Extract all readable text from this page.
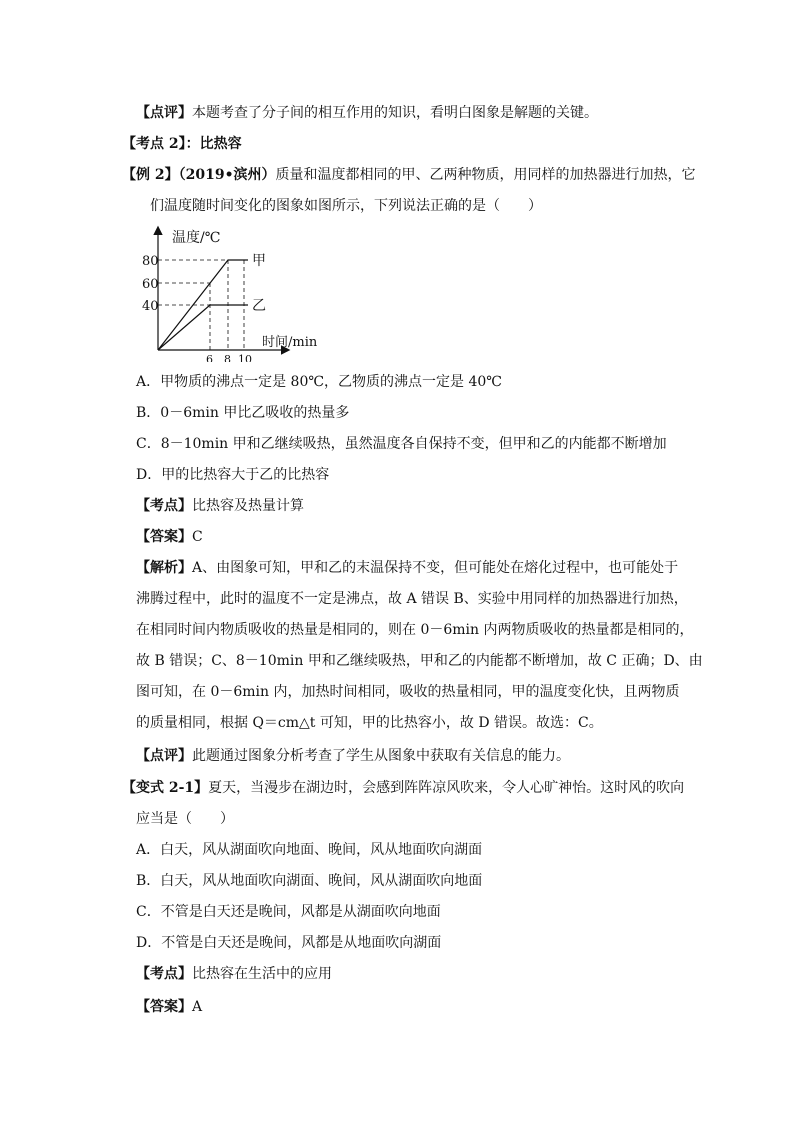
【点评】本题考查了分子间的相互作用的知识，看明白图象是解题的关键。
【考点 2】：比热容
【例 2】（2019•滨州）质量和温度都相同的甲、乙两种物质，用同样的加热器进行加热，它
们温度随时间变化的图象如图所示，下列说法正确的是（　　）
温度/℃
时间/min
80
60
40
6 8 10
甲
乙
A．甲物质的沸点一定是 80℃，乙物质的沸点一定是 40℃
B．0－6min 甲比乙吸收的热量多
C．8－10min 甲和乙继续吸热，虽然温度各自保持不变，但甲和乙的内能都不断增加
D．甲的比热容大于乙的比热容
【考点】比热容及热量计算
【答案】C
【解析】A、由图象可知，甲和乙的末温保持不变，但可能处在熔化过程中，也可能处于
沸腾过程中，此时的温度不一定是沸点，故 A 错误 B、实验中用同样的加热器进行加热，
在相同时间内物质吸收的热量是相同的，则在 0－6min 内两物质吸收的热量都是相同的，
故 B 错误；C、8－10min 甲和乙继续吸热，甲和乙的内能都不断增加，故 C 正确；D、由
图可知，在 0－6min 内，加热时间相同，吸收的热量相同，甲的温度变化快，且两物质
的质量相同，根据 Q＝cm△t 可知，甲的比热容小，故 D 错误。故选：C。
【点评】此题通过图象分析考查了学生从图象中获取有关信息的能力。
【变式 2-1】夏天，当漫步在湖边时，会感到阵阵凉风吹来，令人心旷神怡。这时风的吹向
应当是（　　）
A．白天，风从湖面吹向地面、晚间，风从地面吹向湖面
B．白天，风从地面吹向湖面、晚间，风从湖面吹向地面
C．不管是白天还是晚间，风都是从湖面吹向地面
D．不管是白天还是晚间，风都是从地面吹向湖面
【考点】比热容在生活中的应用
【答案】A
